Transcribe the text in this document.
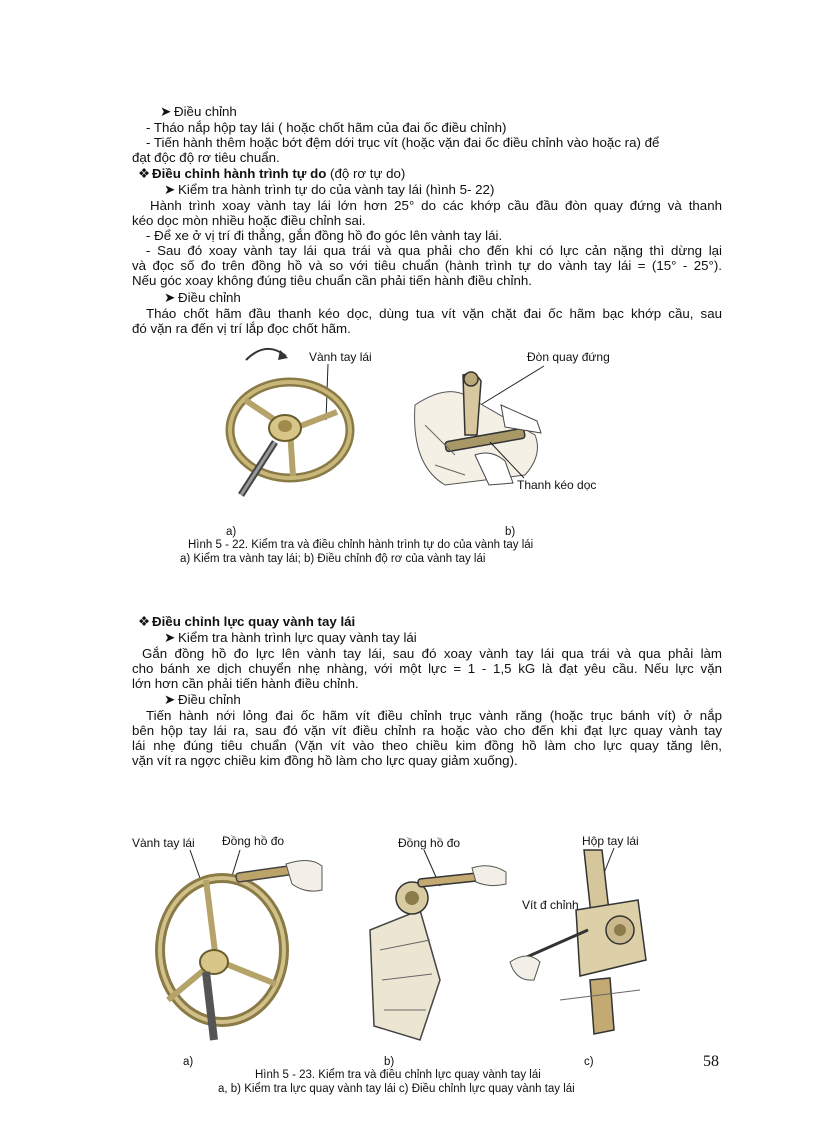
➤ Điều chỉnh
- Tháo nắp hộp tay lái ( hoặc chốt hãm của đai ốc điều chỉnh)
- Tiến hành thêm hoặc bớt đệm dới trục vít (hoặc vặn đai ốc điều chỉnh vào hoặc ra) để
đạt độc độ rơ tiêu chuẩn.
❖ Điều chỉnh hành trình tự do (độ rơ tự do)
➤ Kiểm tra hành trình tự do của vành tay lái (hình 5- 22)
Hành trình xoay vành tay lái lớn hơn 25° do các khớp cầu đầu đòn quay đứng và thanh
kéo dọc mòn nhiều hoặc điều chỉnh sai.
- Để xe ở vị trí đi thẳng, gắn đồng hồ đo góc lên vành tay lái.
- Sau đó xoay vành tay lái qua trái và qua phải cho đến khi có lực cản nặng thì dừng lại
và đọc số đo trên đồng hồ và so với tiêu chuẩn (hành trình tự do vành tay lái = (15° - 25°).
Nếu góc xoay không đúng tiêu chuẩn cần phải tiến hành điều chỉnh.
➤ Điều chỉnh
Tháo chốt hãm đầu thanh kéo dọc, dùng tua vít vặn chặt đai ốc hãm bạc khớp cầu, sau
đó vặn ra đến vị trí lắp đọc chốt hãm.
Vành tay lái	Đòn quay đứng
Thanh kéo dọc
a)	b)
Hình 5 - 22. Kiểm tra và điều chỉnh hành trình tự do của vành tay lái
a) Kiểm tra vành tay lái; b) Điều chỉnh độ rơ của vành tay lái
❖ Điều chỉnh lực quay vành tay lái
➤ Kiểm tra hành trình lực quay vành tay lái
Gắn đồng hồ đo lực lên vành tay lái, sau đó xoay vành tay lái qua trái và qua phải làm
cho bánh xe dịch chuyển nhẹ nhàng, với một lực = 1 - 1,5 kG là đạt yêu cầu. Nếu lực vặn
lớn hơn cần phải tiến hành điều chỉnh.
➤ Điều chỉnh
Tiến hành nới lỏng đai ốc hãm vít điều chỉnh trục vành răng (hoặc trục bánh vít) ở nắp
bên hộp tay lái ra, sau đó vặn vít điều chỉnh ra hoặc vào cho đến khi đạt lực quay vành tay
lái nhẹ đúng tiêu chuẩn (Vặn vít vào theo chiều kim đồng hồ làm cho lực quay tăng lên,
vặn vít ra ngợc chiều kim đồng hồ làm cho lực quay giảm xuống).
Vành tay lái Đồng hồ đo	Đồng hồ đo	Hộp tay lái
Vít đ chỉnh
a)	b)	c)	58
Hình 5 - 23. Kiểm tra và điều chỉnh lực quay vành tay lái
a, b) Kiểm tra lực quay vành tay lái c) Điều chỉnh lực quay vành tay lái
